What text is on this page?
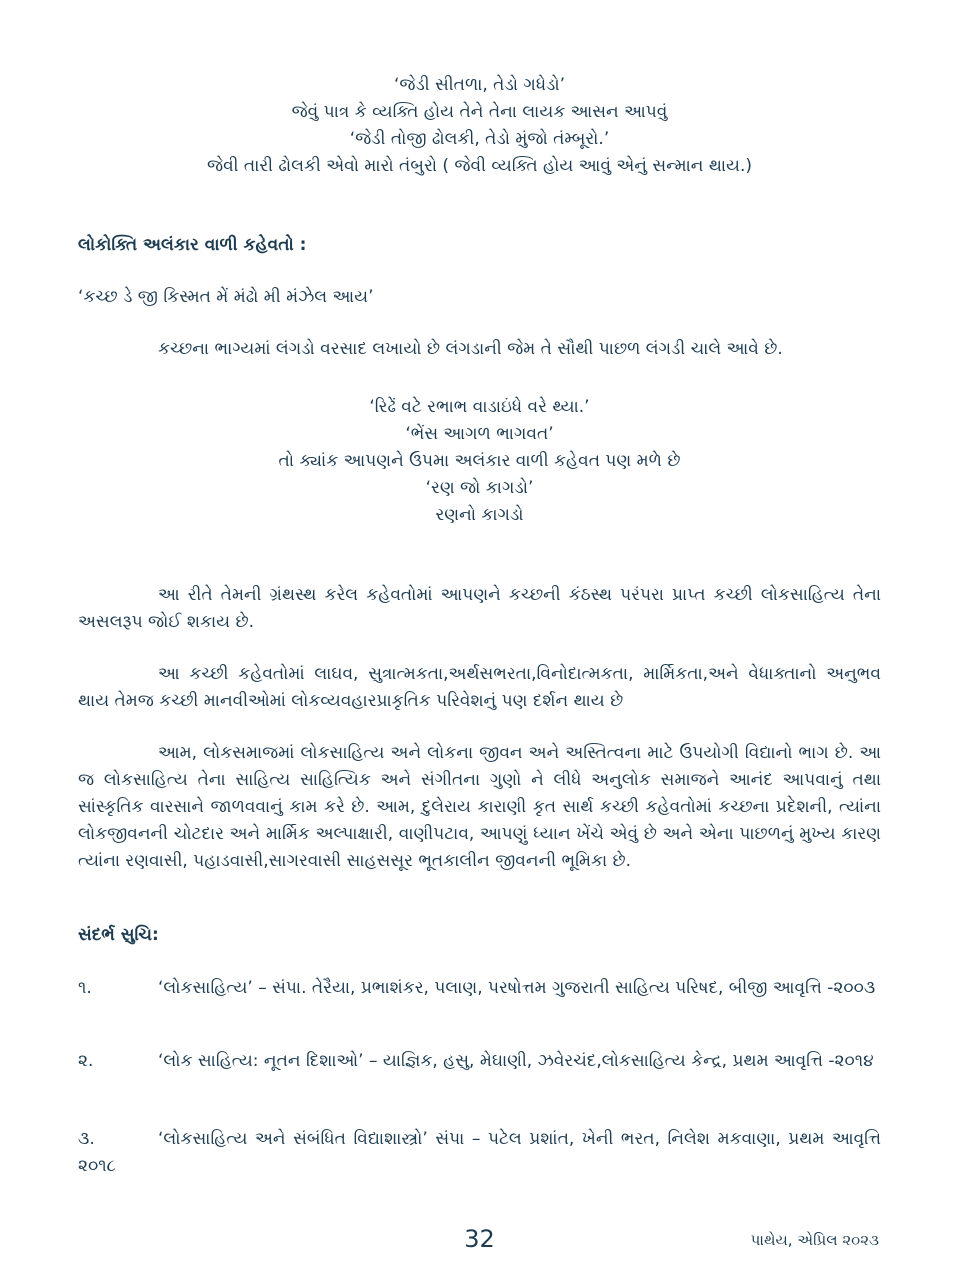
‘જેડી સીતળા, તેડો ગધેડો’
જેવું પાત્ર કે વ્યક્તિ હોય તેને તેના લાયક આસન આપવું
‘જેડી તોજી ઢોલકી, તેડો મુંજો તંમ્બૂરો.’
જેવી તારી ઢોલકી એવો મારો તંબુરો ( જેવી વ્યક્તિ હોય આવું એનું સન્માન થાય.)

લોકોક્તિ અલંકાર વાળી કહેવતો :

‘કચ્છ ડે જી કિસ્મત મેં મંઢો મી મંઝેલ આય’

કચ્છના ભાગ્યમાં લંગડો વરસાદ લખાયો છે લંગડાની જેમ તે સૌથી પાછળ લંગડી ચાલે આવે છે.

‘રિઢેં વટે રભાભ વાડાઇંધે વરે થ્યા.’
‘ભેંસ આગળ ભાગવત’
તો ક્યાંક આપણને ઉપમા અલંકાર વાળી કહેવત પણ મળે છે
‘રણ જો કાગડો’
રણનો કાગડો

આ રીતે તેમની ગ્રંથસ્થ કરેલ કહેવતોમાં આપણને કચ્છની કંઠસ્થ પરંપરા પ્રાપ્ત કચ્છી લોકસાહિત્ય તેના અસલરૂપ જોઈ શકાય છે.

આ કચ્છી કહેવતોમાં લાઘવ, સુત્રાત્મકતા,અર્થસભરતા,વિનોદાત્મકતા, માર્મિકતા,અને વેધાક્તાનો અનુભવ થાય તેમજ કચ્છી માનવીઓમાં લોકવ્યવહારપ્રાકૃતિક પરિવેશનું પણ દર્શન થાય છે

આમ, લોકસમાજમાં લોકસાહિત્ય અને લોકના જીવન અને અસ્તિત્વના માટે ઉપયોગી વિદ્યાનો ભાગ છે. આ જ લોકસાહિત્ય તેના સાહિત્ય સાહિત્યિક અને સંગીતના ગુણો ને લીધે અનુલોક સમાજને આનંદ આપવાનું તથા સાંસ્કૃતિક વારસાને જાળવવાનું કામ કરે છે. આમ, દુલેરાય કારાણી કૃત સાર્થ કચ્છી કહેવતોમાં કચ્છના પ્રદેશની, ત્યાંના લોકજીવનની ચોટદાર અને માર્મિક અલ્પાક્ષારી, વાણીપટાવ, આપણું ધ્યાન ખેંચે એવું છે અને એના પાછળનું મુખ્ય કારણ ત્યાંના રણવાસી, પહાડવાસી,સાગરવાસી સાહસસૂર ભૂતકાલીન જીવનની ભૂમિકા છે.

સંદર્ભ સુચિ:

૧.	‘લોકસાહિત્ય’ – સંપા. તેરૈયા, પ્રભાશંકર, પલાણ, પરષોત્તમ ગુજરાતી સાહિત્ય પરિષદ, બીજી આવૃત્તિ -૨૦૦૩

૨.	‘લોક સાહિત્ય: નૂતન દિશાઓ’ – યાજ્ઞિક, હસુ, મેઘાણી, ઝવેરચંદ,લોકસાહિત્ય કેન્દ્ર, પ્રથમ આવૃત્તિ -૨૦૧૪

૩.	‘લોકસાહિત્ય અને સંબંધિત વિદ્યાશાસ્ત્રો’ સંપા – પટેલ પ્રશાંત, ખેની ભરત, નિલેશ મકવાણા, પ્રથમ આવૃત્તિ ૨૦૧૮

32	પાથેય, એપ્રિલ ૨૦૨૩
